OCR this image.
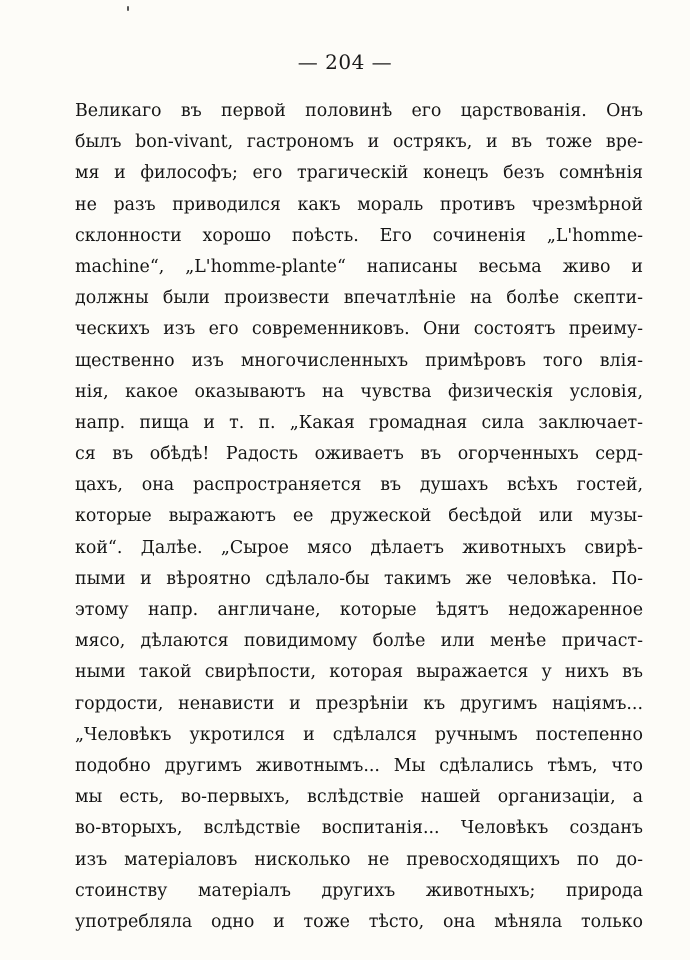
— 204 —
Великаго въ первой половинѣ его царствованія. Онъ
былъ bon-vivant, гастрономъ и острякъ, и въ тоже вре-
мя и философъ; его трагическій конецъ безъ сомнѣнія
не разъ приводился какъ мораль противъ чрезмѣрной
склонности хорошо поѣсть. Его сочиненія „L'homme-
machine“, „L'homme-plante“ написаны весьма живо и
должны были произвести впечатлѣніе на болѣе скепти-
ческихъ изъ его современниковъ. Они состоятъ преиму-
щественно изъ многочисленныхъ примѣровъ того влія-
нія, какое оказываютъ на чувства физическія условія,
напр. пища и т. п. „Какая громадная сила заключает-
ся въ обѣдѣ! Радость оживаетъ въ огорченныхъ серд-
цахъ, она распространяется въ душахъ всѣхъ гостей,
которые выражаютъ ее дружеской бесѣдой или музы-
кой“. Далѣе. „Сырое мясо дѣлаетъ животныхъ свирѣ-
пыми и вѣроятно сдѣлало-бы такимъ же человѣка. По-
этому напр. англичане, которые ѣдятъ недожаренное
мясо, дѣлаются повидимому болѣе или менѣе причаст-
ными такой свирѣпости, которая выражается у нихъ въ
гордости, ненависти и презрѣніи къ другимъ націямъ...
„Человѣкъ укротился и сдѣлался ручнымъ постепенно
подобно другимъ животнымъ... Мы сдѣлались тѣмъ, что
мы есть, во-первыхъ, вслѣдствіе нашей организаціи, а
во-вторыхъ, вслѣдствіе воспитанія... Человѣкъ созданъ
изъ матеріаловъ нисколько не превосходящихъ по до-
стоинству матеріалъ другихъ животныхъ; природа
употребляла одно и тоже тѣсто, она мѣняла только
